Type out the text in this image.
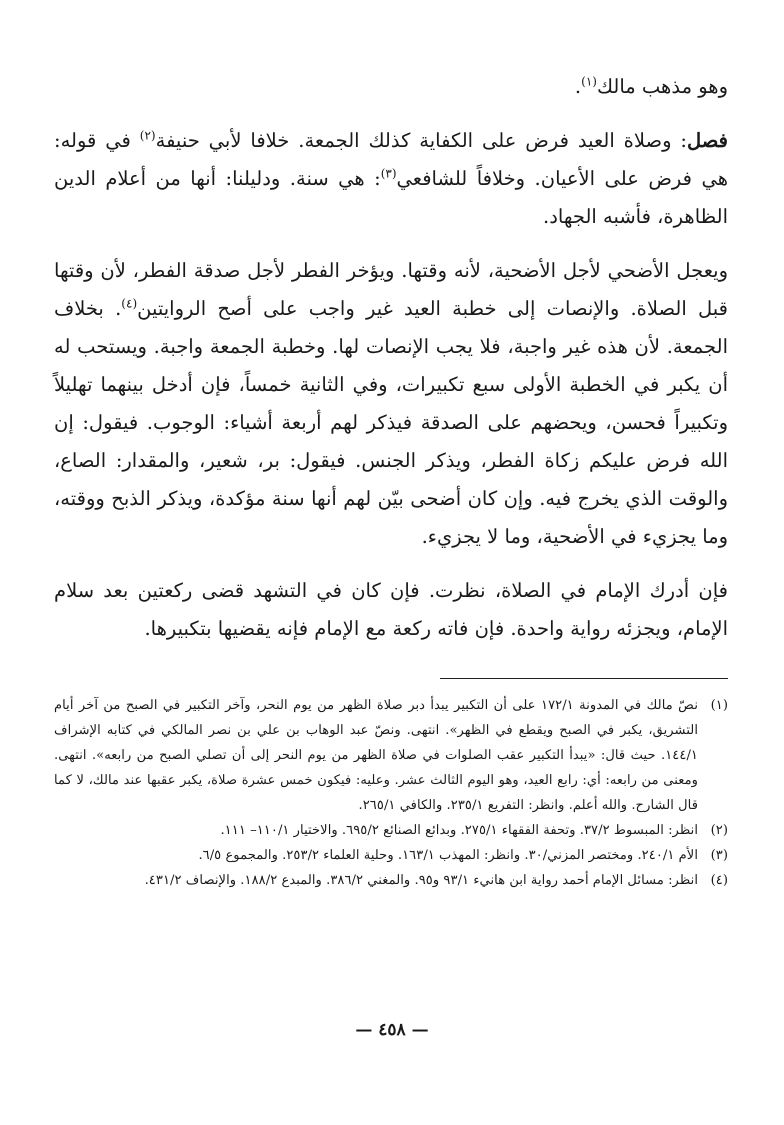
وهو مذهب مالك$^{(١)}$.

فصل: وصلاة العيد فرض على الكفاية كذلك الجمعة. خلافا لأبي حنيفة$^{(٢)}$ في قوله: هي فرض على الأعيان. وخلافاً للشافعي$^{(٣)}$: هي سنة. ودليلنا: أنها من أعلام الدين الظاهرة، فأشبه الجهاد.

ويعجل الأضحي لأجل الأضحية، لأنه وقتها. ويؤخر الفطر لأجل صدقة الفطر، لأن وقتها قبل الصلاة. والإنصات إلى خطبة العيد غير واجب على أصح الروايتين$^{(٤)}$. بخلاف الجمعة. لأن هذه غير واجبة، فلا يجب الإنصات لها. وخطبة الجمعة واجبة. ويستحب له أن يكبر في الخطبة الأولى سبع تكبيرات، وفي الثانية خمساً، فإن أدخل بينهما تهليلاً وتكبيراً فحسن، ويحضهم على الصدقة فيذكر لهم أربعة أشياء: الوجوب. فيقول: إن الله فرض عليكم زكاة الفطر، ويذكر الجنس. فيقول: بر، شعير، والمقدار: الصاع، والوقت الذي يخرج فيه. وإن كان أضحى بيّن لهم أنها سنة مؤكدة، ويذكر الذبح ووقته، وما يجزيء في الأضحية، وما لا يجزيء.

فإن أدرك الإمام في الصلاة، نظرت. فإن كان في التشهد قضى ركعتين بعد سلام الإمام، ويجزئه رواية واحدة. فإن فاته ركعة مع الإمام فإنه يقضيها بتكبيرها.

(١)
نصّ مالك في المدونة ١٧٢/١ على أن التكبير يبدأ دبر صلاة الظهر من يوم النحر، وآخر التكبير في الصبح من آخر أيام التشريق، يكبر في الصبح ويقطع في الظهر». انتهى. ونصّ عبد الوهاب بن علي بن نصر المالكي في كتابه الإشراف ١٤٤/١. حيث قال: «يبدأ التكبير عقب الصلوات في صلاة الظهر من يوم النحر إلى أن تصلي الصبح من رابعه». انتهى. ومعنى من رابعه: أي: رابع العيد، وهو اليوم الثالث عشر. وعليه: فيكون خمس عشرة صلاة، يكبر عقبها عند مالك، لا كما قال الشارح. والله أعلم. وانظر: التفريع ٢٣٥/١. والكافي ٢٦٥/١.
(٢)
انظر: المبسوط ٣٧/٢. وتحفة الفقهاء ٢٧٥/١. وبدائع الصنائع ٦٩٥/٢. والاختيار ١١٠/١– ١١١.
(٣)
الأم ٢٤٠/١. ومختصر المزني/٣٠. وانظر: المهذب ١٦٣/١. وحلية العلماء ٢٥٣/٢. والمجموع ٦/٥.
(٤)
انظر: مسائل الإمام أحمد رواية ابن هانيء ٩٣/١ و٩٥. والمغني ٣٨٦/٢. والمبدع ١٨٨/٢. والإنصاف ٤٣١/٢.
— ٤٥٨ —
